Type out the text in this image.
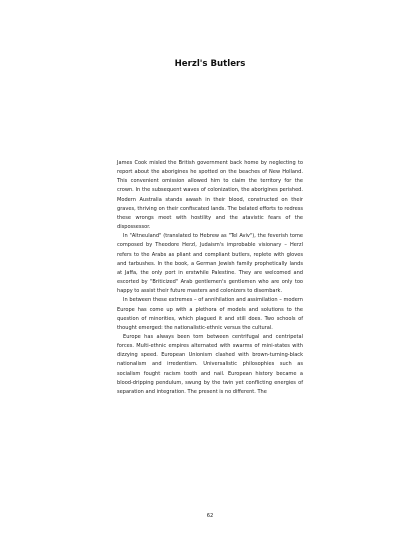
Herzl's Butlers

James Cook misled the British government back home by neglecting to report about the aborigines he spotted on the beaches of New Holland. This convenient omission allowed him to claim the territory for the crown. In the subsequent waves of colonization, the aborigines perished. Modern Australia stands awash in their blood, constructed on their graves, thriving on their confiscated lands. The belated efforts to redress these wrongs meet with hostility and the atavistic fears of the dispossessor.

In "Altneuland" (translated to Hebrew as "Tel Aviv"), the feverish tome composed by Theodore Herzl, Judaism's improbable visionary – Herzl refers to the Arabs as pliant and compliant butlers, replete with gloves and tarbushes. In the book, a German Jewish family prophetically lands at Jaffa, the only port in erstwhile Palestine. They are welcomed and escorted by "Briticized" Arab gentlemen's gentlemen who are only too happy to assist their future masters and colonizers to disembark.

In between these extremes – of annihilation and assimilation – modern Europe has come up with a plethora of models and solutions to the question of minorities, which plagued it and still does. Two schools of thought emerged: the nationalistic-ethnic versus the cultural.

Europe has always been torn between centrifugal and centripetal forces. Multi-ethnic empires alternated with swarms of mini-states with dizzying speed. European Unionism clashed with brown-turning-black nationalism and irredentism. Universalistic philosophies such as socialism fought racism tooth and nail. European history became a blood-dripping pendulum, swung by the twin yet conflicting energies of separation and integration. The present is no different. The

62
